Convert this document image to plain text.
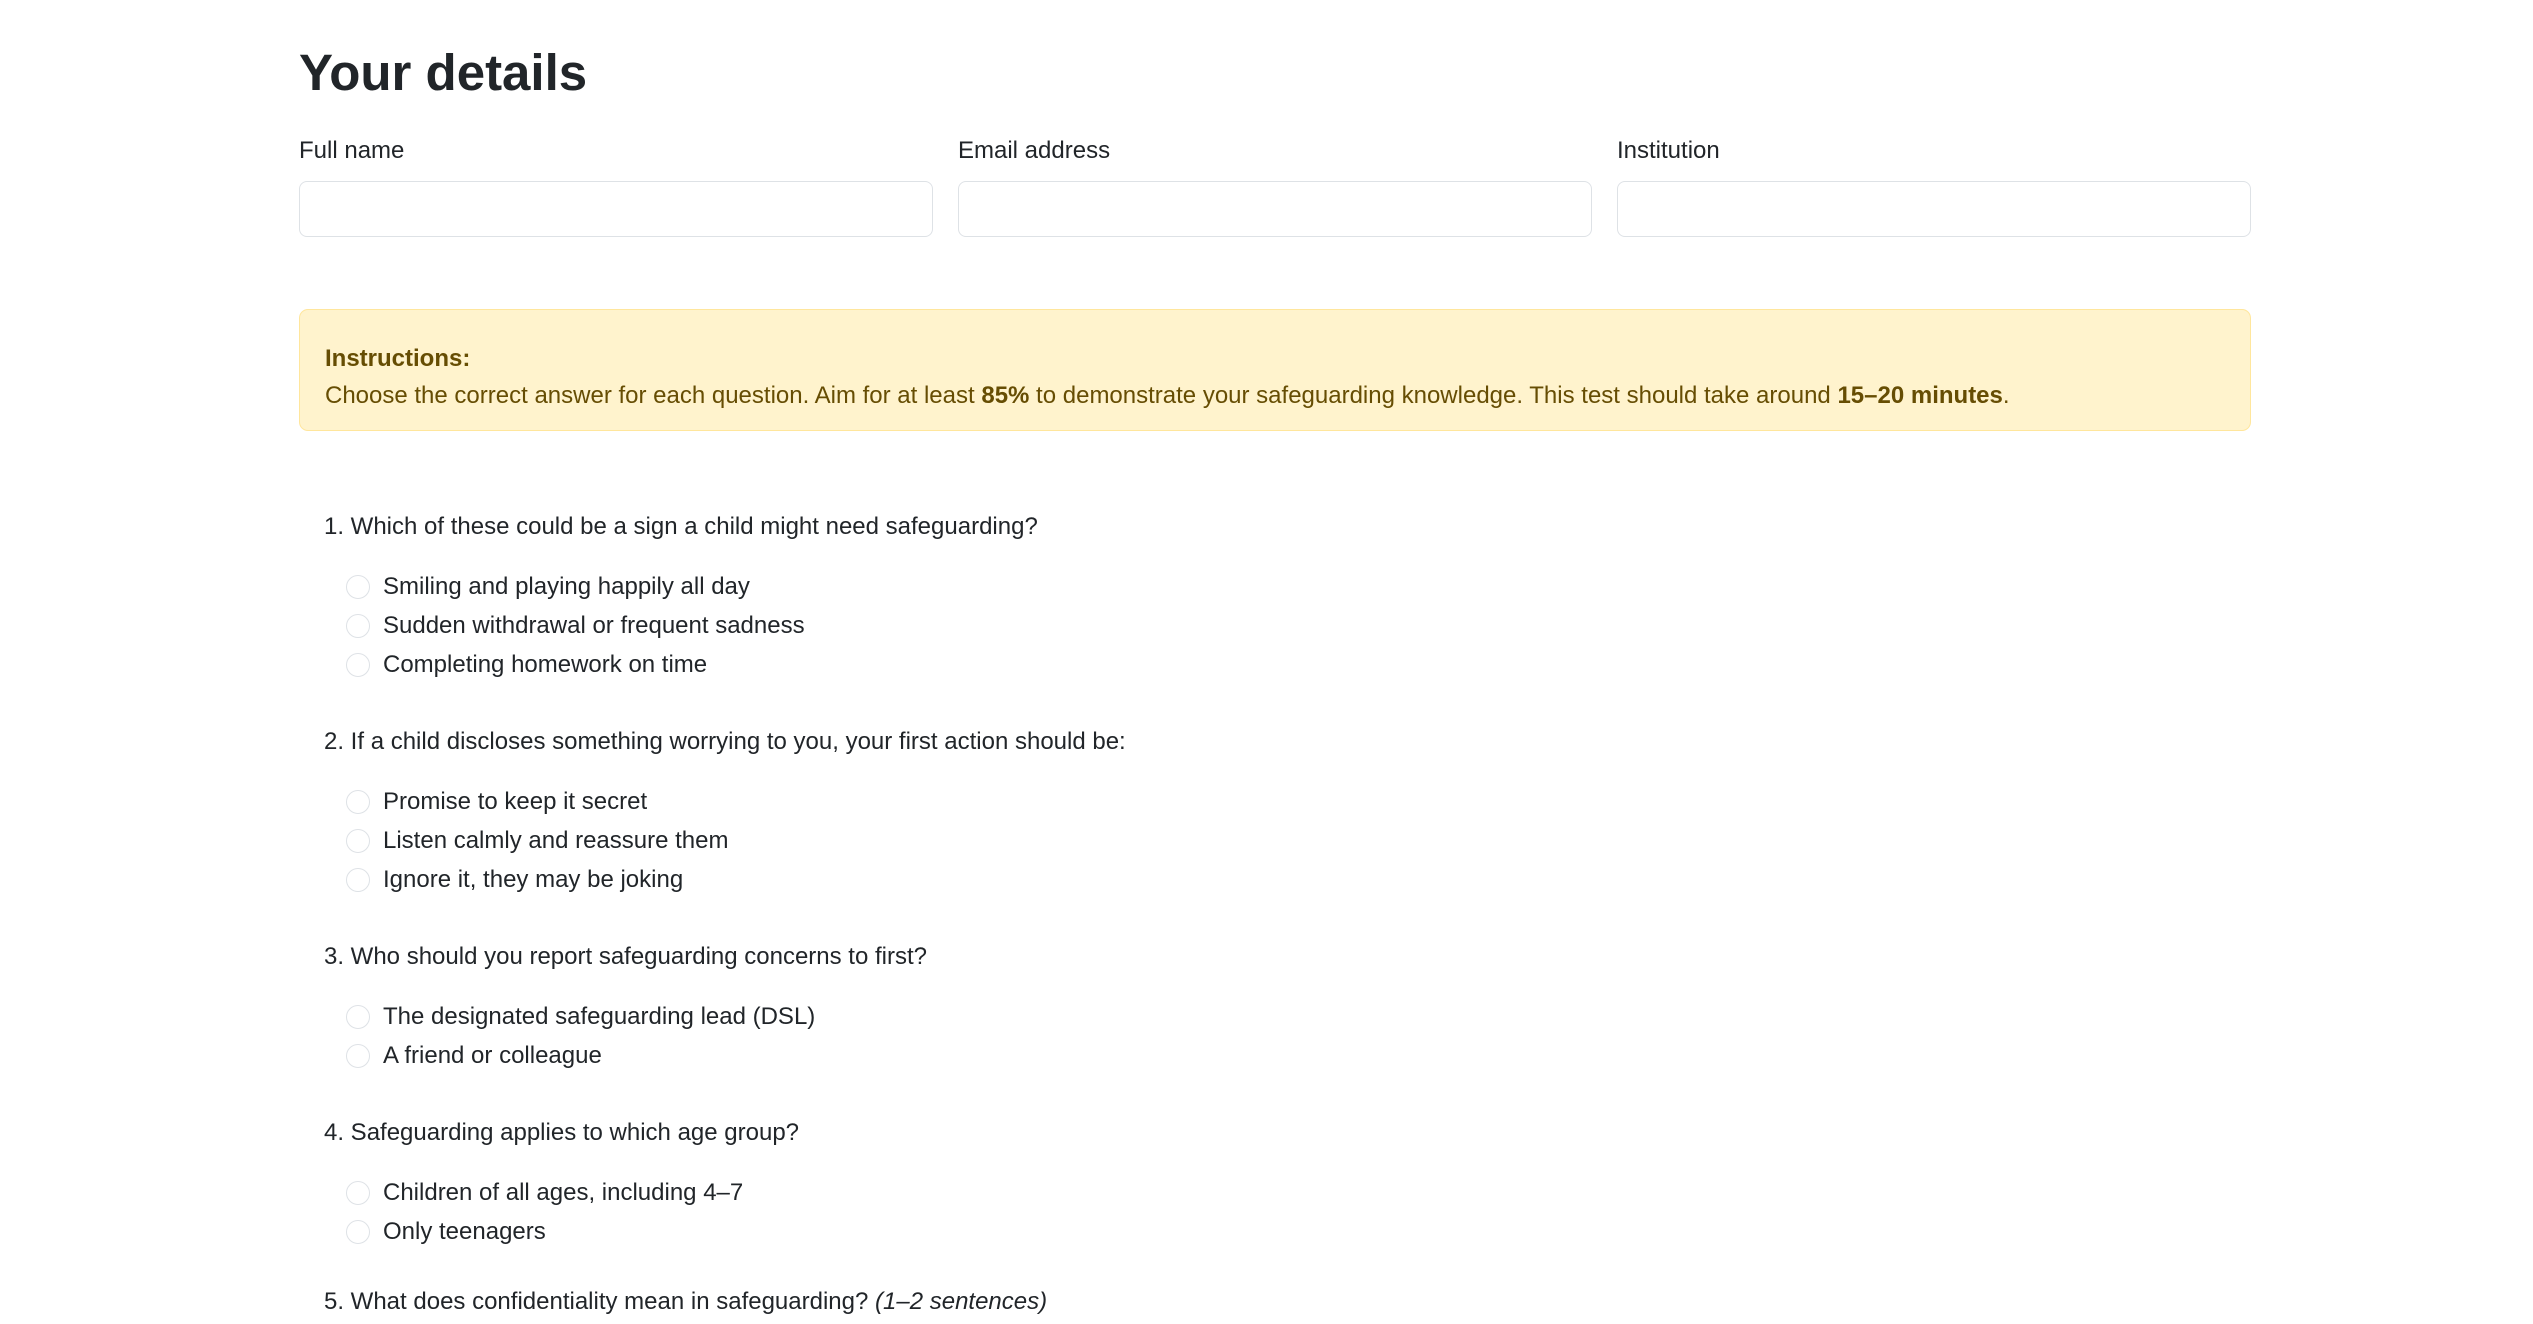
Your details
Full name	Email address	Institution
Instructions:
Choose the correct answer for each question. Aim for at least 85% to demonstrate your safeguarding knowledge. This test should take around 15–20 minutes.
1. Which of these could be a sign a child might need safeguarding?
Smiling and playing happily all day
Sudden withdrawal or frequent sadness
Completing homework on time
2. If a child discloses something worrying to you, your first action should be:
Promise to keep it secret
Listen calmly and reassure them
Ignore it, they may be joking
3. Who should you report safeguarding concerns to first?
The designated safeguarding lead (DSL)
A friend or colleague
4. Safeguarding applies to which age group?
Children of all ages, including 4–7
Only teenagers
5. What does confidentiality mean in safeguarding? (1–2 sentences)
